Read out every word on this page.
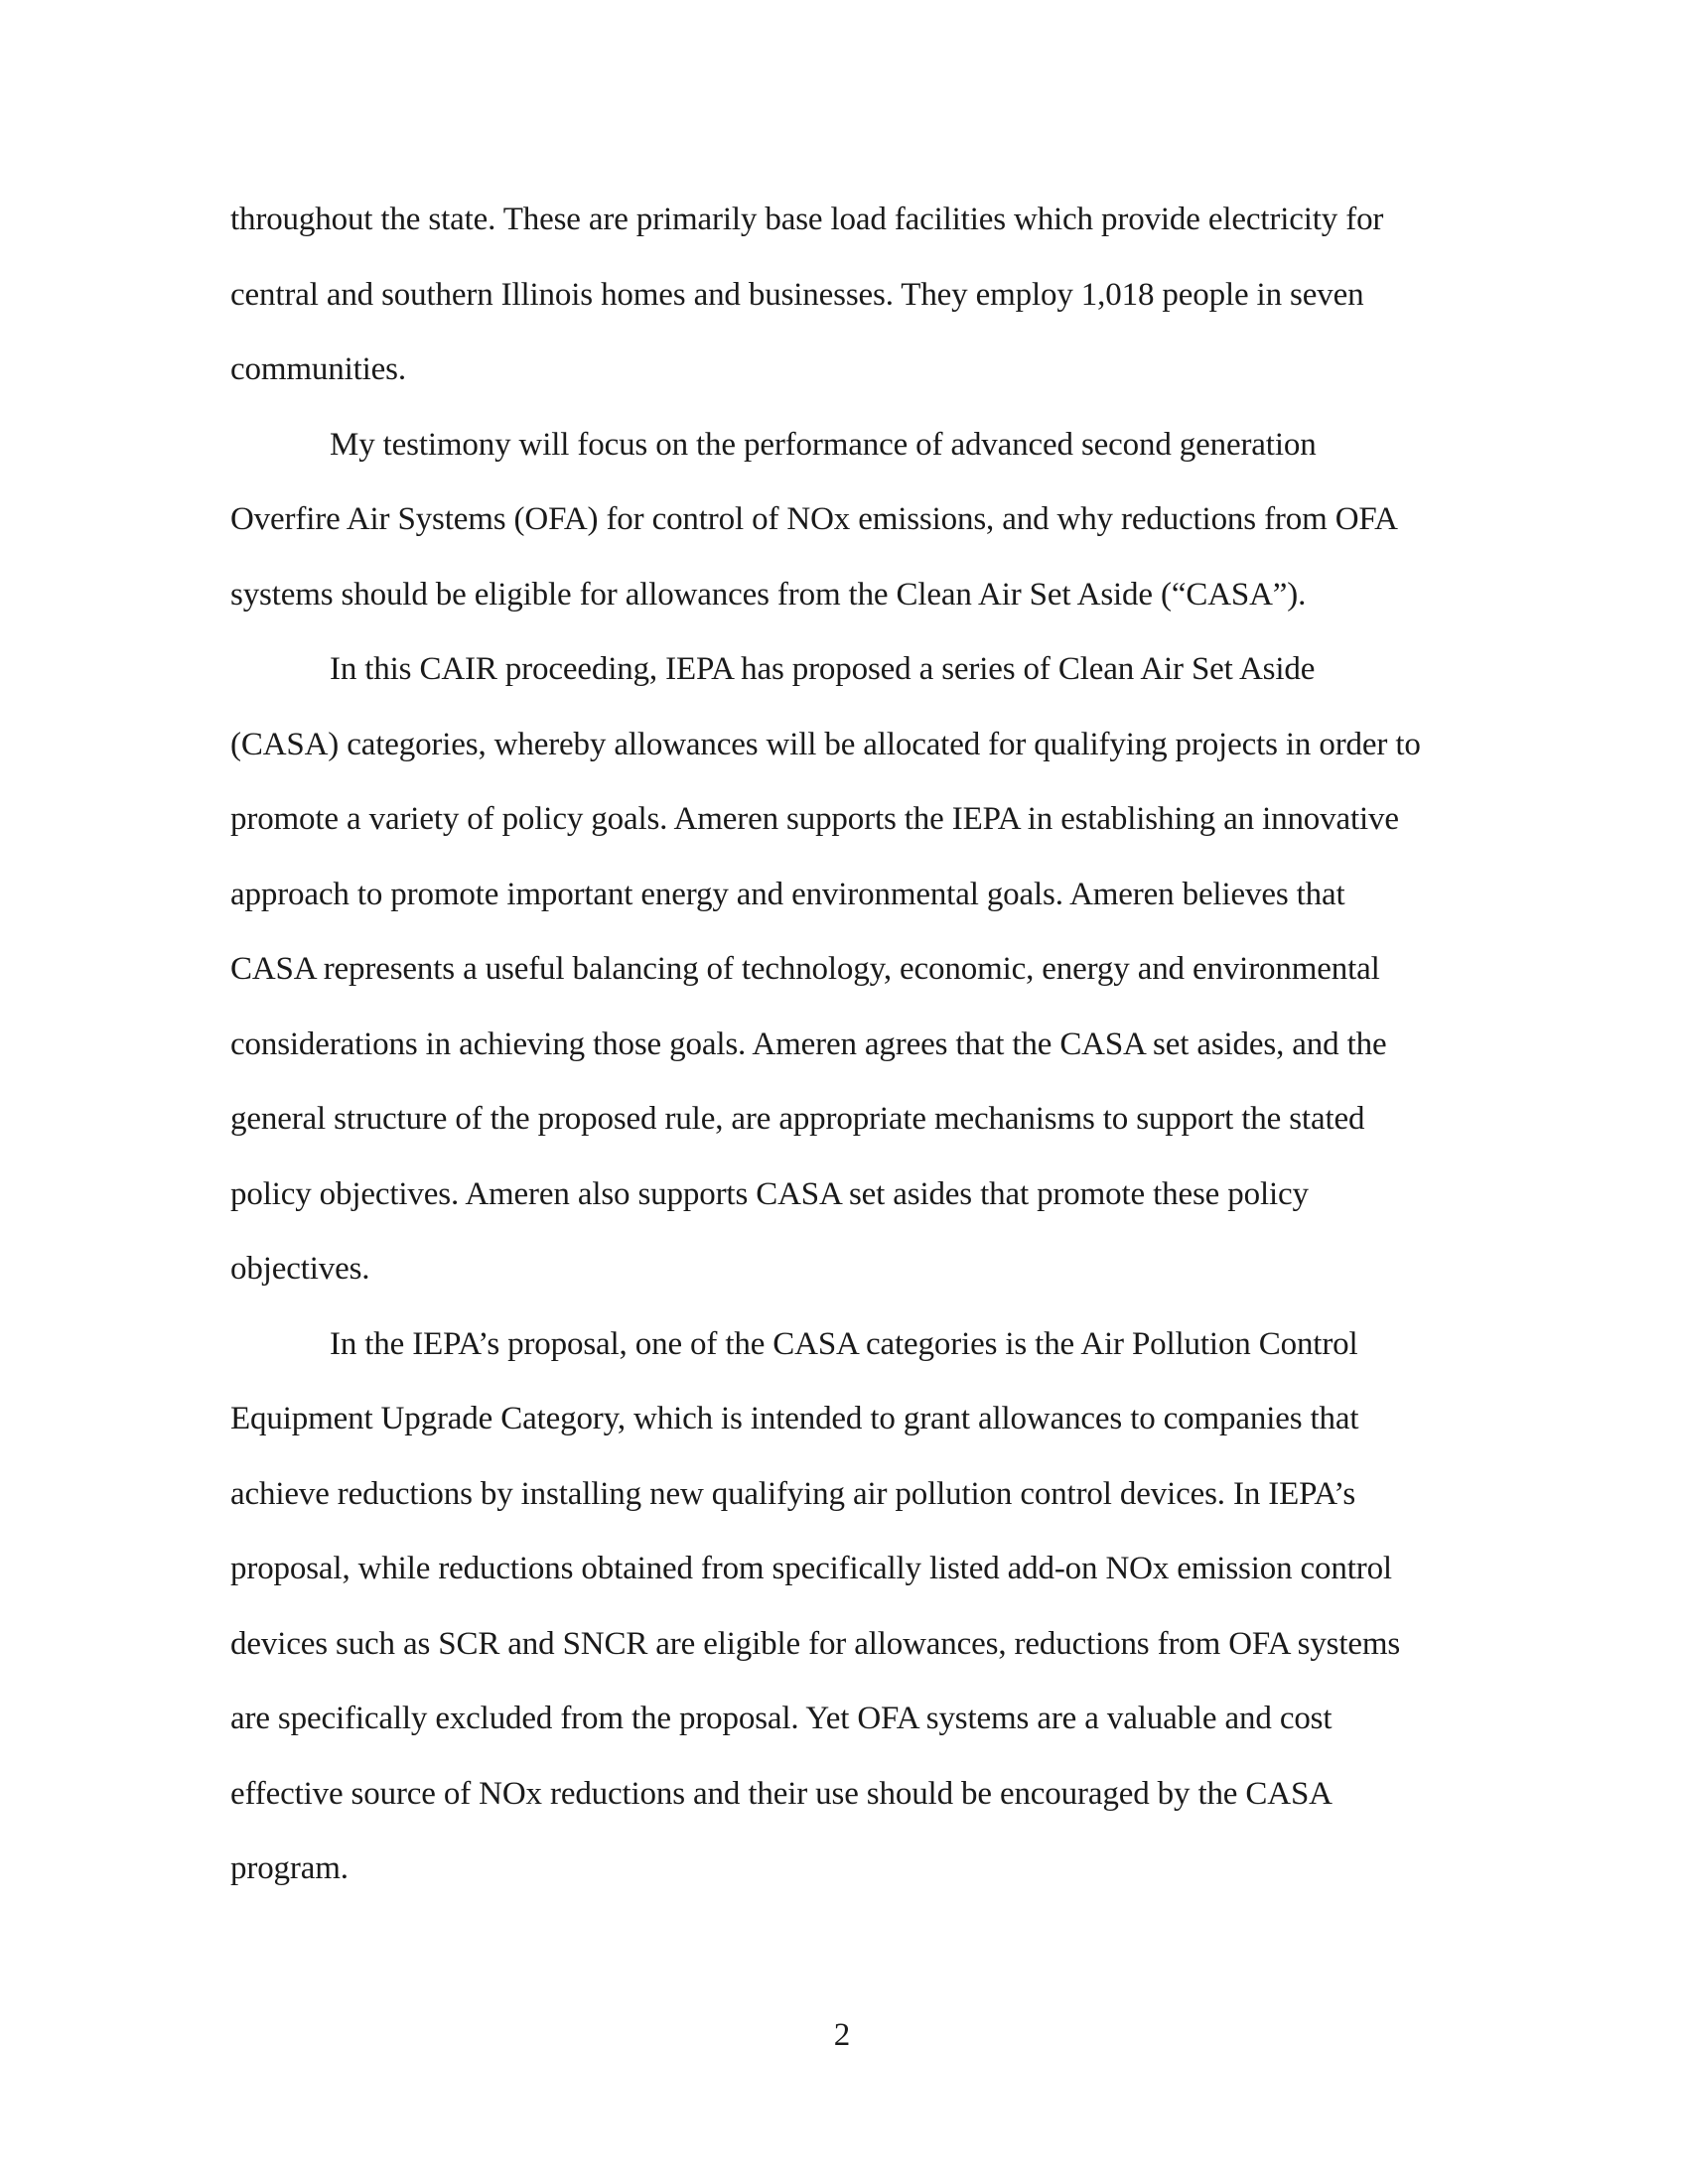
throughout the state. These are primarily base load facilities which provide electricity for central and southern Illinois homes and businesses. They employ 1,018 people in seven communities.

My testimony will focus on the performance of advanced second generation Overfire Air Systems (OFA) for control of NOx emissions, and why reductions from OFA systems should be eligible for allowances from the Clean Air Set Aside (“CASA”).

In this CAIR proceeding, IEPA has proposed a series of Clean Air Set Aside (CASA) categories, whereby allowances will be allocated for qualifying projects in order to promote a variety of policy goals. Ameren supports the IEPA in establishing an innovative approach to promote important energy and environmental goals. Ameren believes that CASA represents a useful balancing of technology, economic, energy and environmental considerations in achieving those goals. Ameren agrees that the CASA set asides, and the general structure of the proposed rule, are appropriate mechanisms to support the stated policy objectives. Ameren also supports CASA set asides that promote these policy objectives.

In the IEPA’s proposal, one of the CASA categories is the Air Pollution Control Equipment Upgrade Category, which is intended to grant allowances to companies that achieve reductions by installing new qualifying air pollution control devices. In IEPA’s proposal, while reductions obtained from specifically listed add-on NOx emission control devices such as SCR and SNCR are eligible for allowances, reductions from OFA systems are specifically excluded from the proposal. Yet OFA systems are a valuable and cost effective source of NOx reductions and their use should be encouraged by the CASA program.

2
